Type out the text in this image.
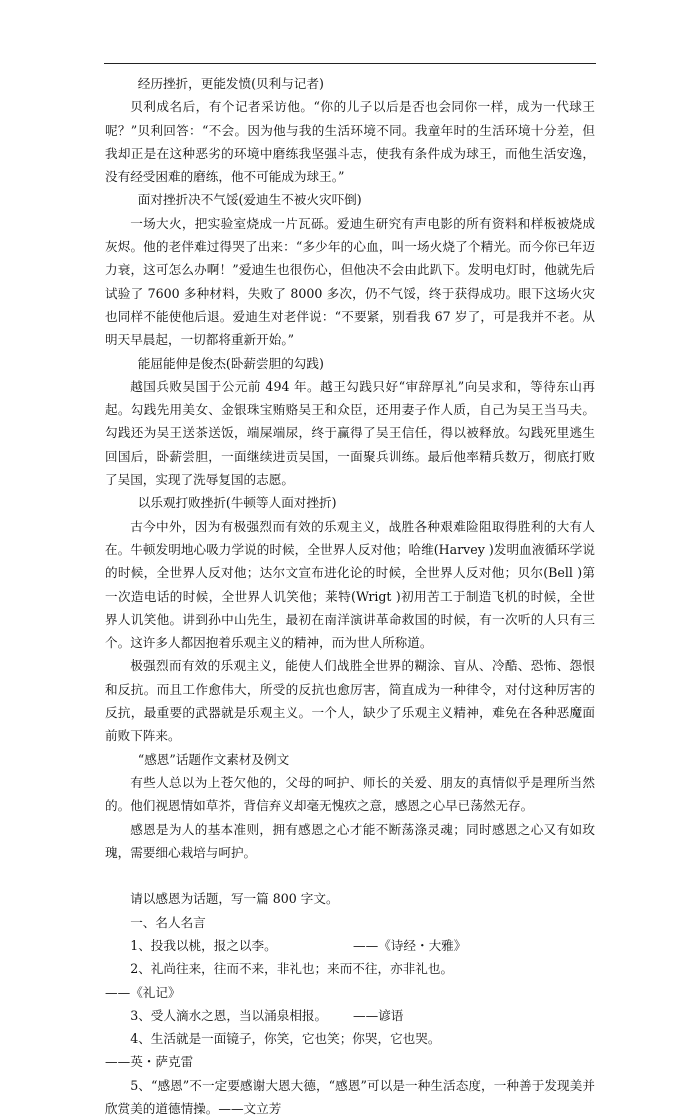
经历挫折，更能发愤(贝利与记者)

贝利成名后，有个记者采访他。“你的儿子以后是否也会同你一样，成为一代球王呢？”贝利回答：“不会。因为他与我的生活环境不同。我童年时的生活环境十分差，但我却正是在这种恶劣的环境中磨练我坚强斗志，使我有条件成为球王，而他生活安逸，没有经受困难的磨练，他不可能成为球王。”

面对挫折决不气馁(爱迪生不被火灾吓倒)

一场大火，把实验室烧成一片瓦砾。爱迪生研究有声电影的所有资料和样板被烧成灰烬。他的老伴难过得哭了出来：“多少年的心血，叫一场火烧了个精光。而今你已年迈力衰，这可怎么办啊！”爱迪生也很伤心，但他决不会由此趴下。发明电灯时，他就先后试验了 7600 多种材料，失败了 8000 多次，仍不气馁，终于获得成功。眼下这场火灾也同样不能使他后退。爱迪生对老伴说：“不要紧，别看我 67 岁了，可是我并不老。从明天早晨起，一切都将重新开始。”

能屈能伸是俊杰(卧薪尝胆的勾践)

越国兵败吴国于公元前 494 年。越王勾践只好“审辞厚礼”向吴求和，等待东山再起。勾践先用美女、金银珠宝贿赂吴王和众臣，还用妻子作人质，自己为吴王当马夫。勾践还为吴王送茶送饭，端屎端尿，终于赢得了吴王信任，得以被释放。勾践死里逃生回国后，卧薪尝胆，一面继续进贡吴国，一面聚兵训练。最后他率精兵数万，彻底打败了吴国，实现了洗辱复国的志愿。

以乐观打败挫折(牛顿等人面对挫折)

古今中外，因为有极强烈而有效的乐观主义，战胜各种艰难险阻取得胜利的大有人在。牛顿发明地心吸力学说的时候，全世界人反对他；哈维(Harvey )发明血液循环学说的时候，全世界人反对他；达尔文宣布进化论的时候，全世界人反对他；贝尔(Bell )第一次造电话的时候，全世界人讥笑他；莱特(Wrigt )初用苦工于制造飞机的时候，全世界人讥笑他。讲到孙中山先生，最初在南洋演讲革命救国的时候，有一次听的人只有三个。这许多人都因抱着乐观主义的精神，而为世人所称道。

极强烈而有效的乐观主义，能使人们战胜全世界的糊涂、盲从、冷酷、恐怖、怨恨和反抗。而且工作愈伟大，所受的反抗也愈厉害，简直成为一种律令，对付这种厉害的反抗，最重要的武器就是乐观主义。一个人，缺少了乐观主义精神，难免在各种恶魔面前败下阵来。

“感恩”话题作文素材及例文

有些人总以为上苍欠他的，父母的呵护、师长的关爱、朋友的真情似乎是理所当然的。他们视恩情如草芥，背信弃义却毫无愧疚之意，感恩之心早已荡然无存。

感恩是为人的基本准则，拥有感恩之心才能不断荡涤灵魂；同时感恩之心又有如玫瑰，需要细心栽培与呵护。

请以感恩为话题，写一篇 800 字文。

一、名人名言

1、投我以桃，报之以李。	——《诗经・大雅》

2、礼尚往来，往而不来，非礼也；来而不往，亦非礼也。

——《礼记》

3、受人滴水之恩，当以涌泉相报。	——谚语

4、生活就是一面镜子，你笑，它也笑；你哭，它也哭。

——英・萨克雷

5、“感恩”不一定要感谢大恩大德，“感恩”可以是一种生活态度，一种善于发现美并欣赏美的道德情操。——文立芳
